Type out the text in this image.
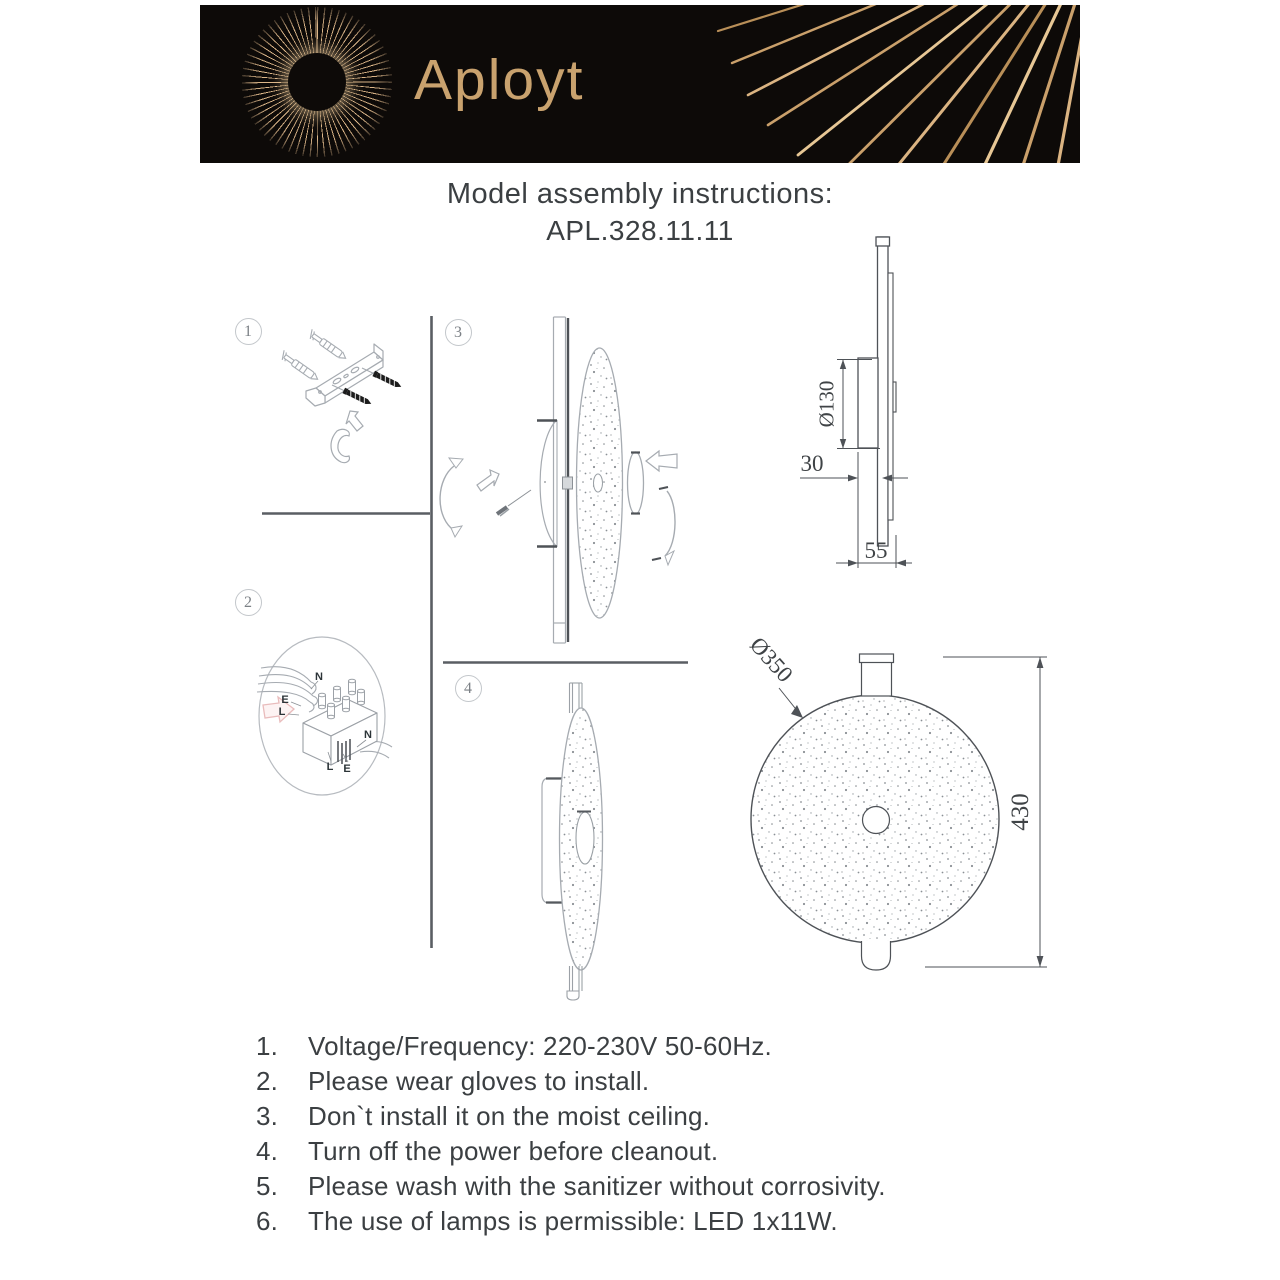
Aployt
Model assembly instructions:
APL.328.11.11
1
2
3
4
N
E
L
N
L E
Ø130
30
55
Ø350
430
1.	Voltage/Frequency: 220-230V 50-60Hz.
2.	Please wear gloves to install.
3.	Don`t install it on the moist ceiling.
4.	Turn off the power before cleanout.
5.	Please wash with the sanitizer without corrosivity.
6.	The use of lamps is permissible: LED 1x11W.
